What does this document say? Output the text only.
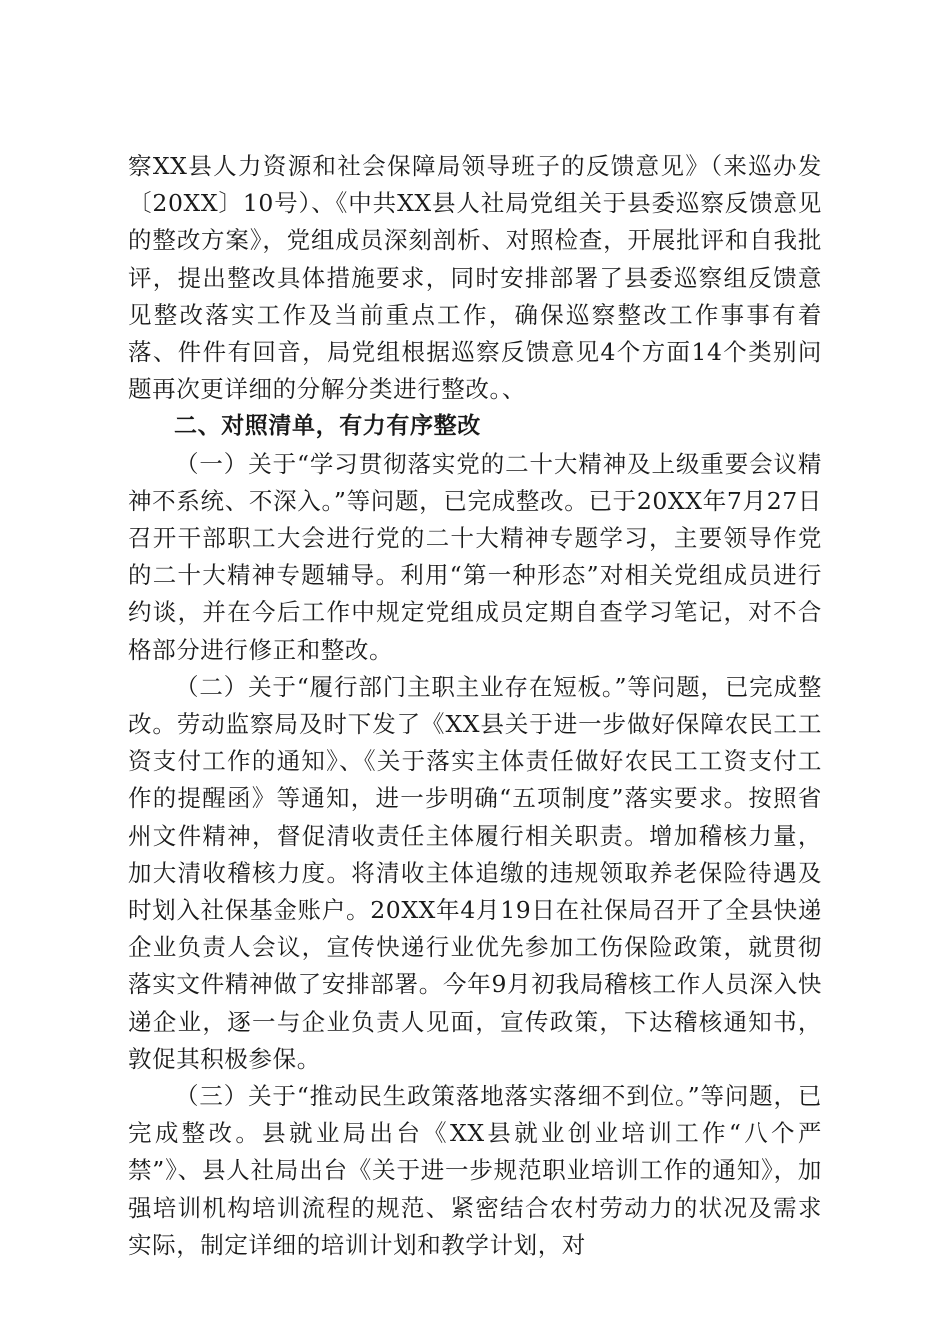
察XX县人力资源和社会保障局领导班子的反馈意见》（来巡办发〔20XX〕10号）、《中共XX县人社局党组关于县委巡察反馈意见的整改方案》，党组成员深刻剖析、对照检查，开展批评和自我批评，提出整改具体措施要求，同时安排部署了县委巡察组反馈意见整改落实工作及当前重点工作，确保巡察整改工作事事有着落、件件有回音，局党组根据巡察反馈意见4个方面14个类别问题再次更详细的分解分类进行整改。、

二、对照清单，有力有序整改

（一）关于“学习贯彻落实党的二十大精神及上级重要会议精神不系统、不深入。”等问题，已完成整改。已于20XX年7月27日召开干部职工大会进行党的二十大精神专题学习，主要领导作党的二十大精神专题辅导。利用“第一种形态”对相关党组成员进行约谈，并在今后工作中规定党组成员定期自查学习笔记，对不合格部分进行修正和整改。

（二）关于“履行部门主职主业存在短板。”等问题，已完成整改。劳动监察局及时下发了《XX县关于进一步做好保障农民工工资支付工作的通知》、《关于落实主体责任做好农民工工资支付工作的提醒函》等通知，进一步明确“五项制度”落实要求。按照省州文件精神，督促清收责任主体履行相关职责。增加稽核力量，加大清收稽核力度。将清收主体追缴的违规领取养老保险待遇及时划入社保基金账户。20XX年4月19日在社保局召开了全县快递企业负责人会议，宣传快递行业优先参加工伤保险政策，就贯彻落实文件精神做了安排部署。今年9月初我局稽核工作人员深入快递企业，逐一与企业负责人见面，宣传政策，下达稽核通知书，敦促其积极参保。

（三）关于“推动民生政策落地落实落细不到位。”等问题，已完成整改。县就业局出台《XX县就业创业培训工作“八个严禁”》、县人社局出台《关于进一步规范职业培训工作的通知》，加强培训机构培训流程的规范、紧密结合农村劳动力的状况及需求实际，制定详细的培训计划和教学计划，对
